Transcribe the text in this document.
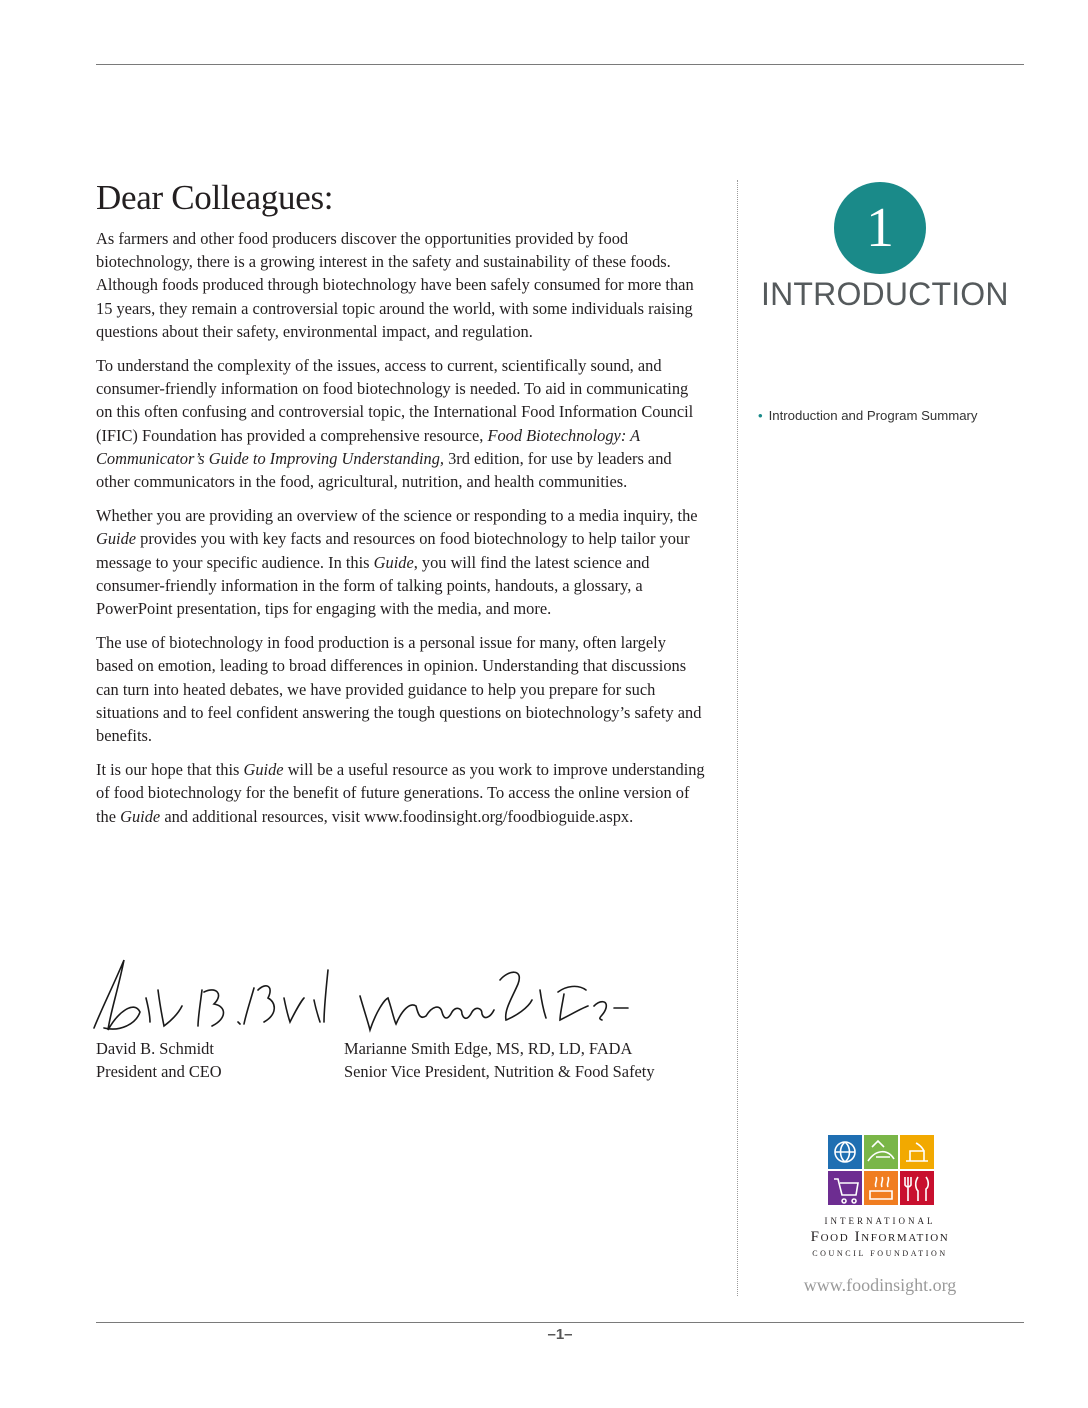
Dear Colleagues:

As farmers and other food producers discover the opportunities provided by food biotechnology, there is a growing interest in the safety and sustainability of these foods. Although foods produced through biotechnology have been safely consumed for more than 15 years, they remain a controversial topic around the world, with some individuals raising questions about their safety, environmental impact, and regulation.

To understand the complexity of the issues, access to current, scientifically sound, and consumer-friendly information on food biotechnology is needed. To aid in communicating on this often confusing and controversial topic, the International Food Information Council (IFIC) Foundation has provided a comprehensive resource, Food Biotechnology: A Communicator’s Guide to Improving Understanding, 3rd edition, for use by leaders and other communicators in the food, agricultural, nutrition, and health communities.

Whether you are providing an overview of the science or responding to a media inquiry, the Guide provides you with key facts and resources on food biotechnology to help tailor your message to your specific audience. In this Guide, you will find the latest science and consumer-friendly information in the form of talking points, handouts, a glossary, a PowerPoint presentation, tips for engaging with the media, and more.

The use of biotechnology in food production is a personal issue for many, often largely based on emotion, leading to broad differences in opinion. Understanding that discussions can turn into heated debates, we have provided guidance to help you prepare for such situations and to feel confident answering the tough questions on biotechnology’s safety and benefits.

It is our hope that this Guide will be a useful resource as you work to improve understanding of food biotechnology for the benefit of future generations. To access the online version of the Guide and additional resources, visit www.foodinsight.org/foodbioguide.aspx.

David B. Schmidt
President and CEO
Marianne Smith Edge, MS, RD, LD, FADA
Senior Vice President, Nutrition & Food Safety
1
INTRODUCTION
• Introduction and Program Summary
INTERNATIONAL
Food Information
COUNCIL FOUNDATION
www.foodinsight.org
–1–
